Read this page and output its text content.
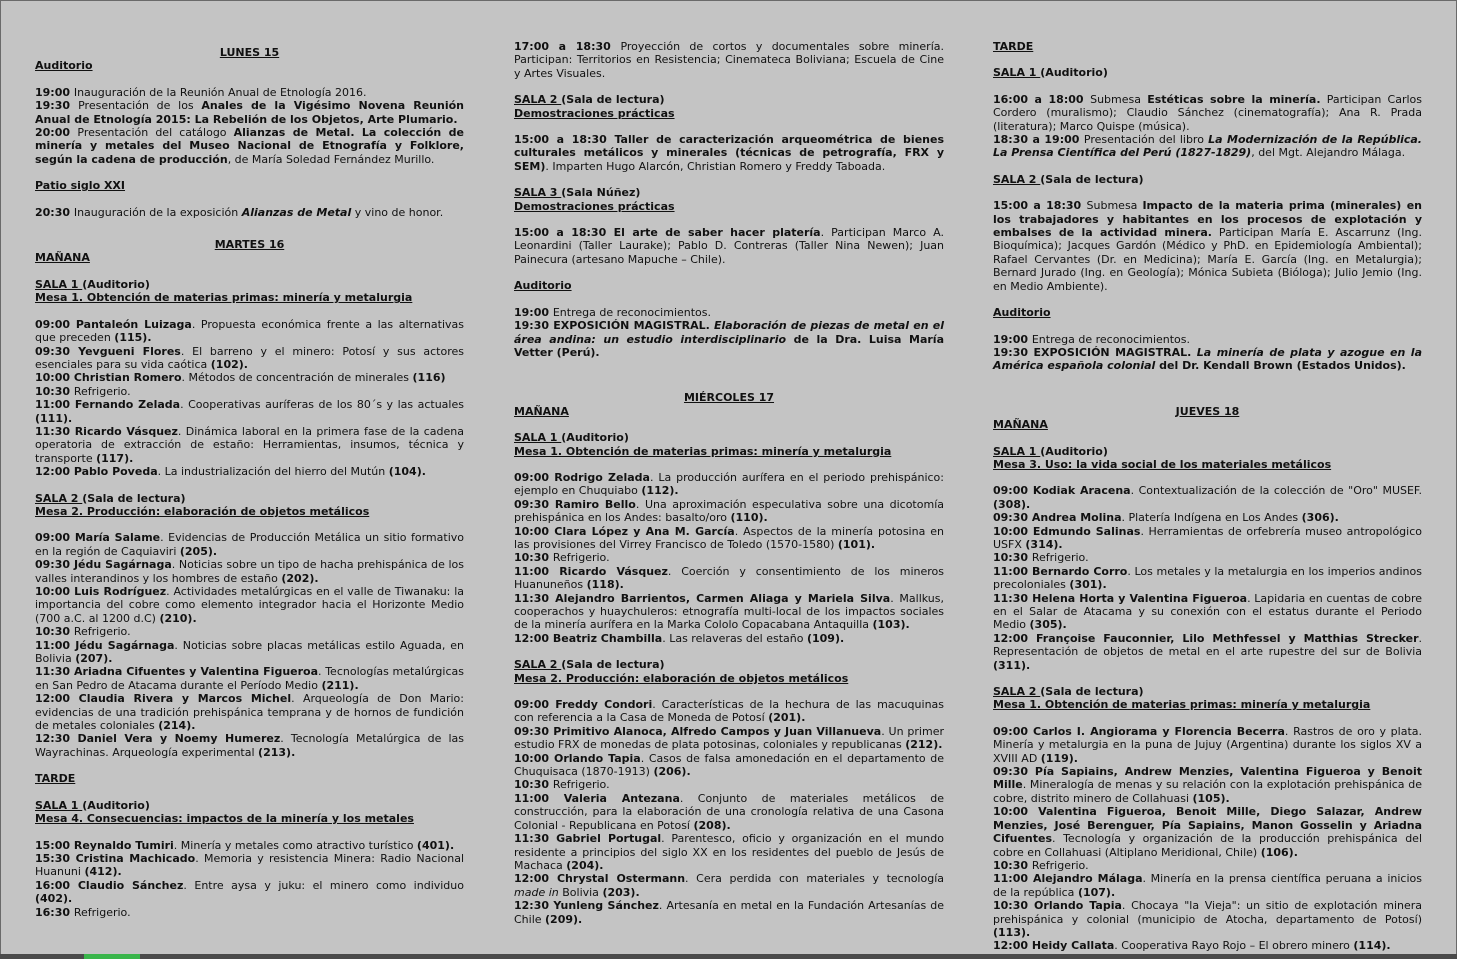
LUNES 15
Auditorio
19:00 Inauguración de la Reunión Anual de Etnología 2016.
19:30 Presentación de los Anales de la Vigésimo Novena Reunión Anual de Etnología 2015: La Rebelión de los Objetos, Arte Plumario.
20:00 Presentación del catálogo Alianzas de Metal. La colección de minería y metales del Museo Nacional de Etnografía y Folklore, según la cadena de producción, de María Soledad Fernández Murillo.
Patio siglo XXI
20:30 Inauguración de la exposición Alianzas de Metal y vino de honor.
MARTES 16
MAÑANA
SALA 1 (Auditorio)
Mesa 1. Obtención de materias primas: minería y metalurgia
09:00 Pantaleón Luizaga. Propuesta económica frente a las alternativas que preceden (115).
09:30 Yevgueni Flores. El barreno y el minero: Potosí y sus actores esenciales para su vida caótica (102).
10:00 Christian Romero. Métodos de concentración de minerales (116)
10:30 Refrigerio.
11:00 Fernando Zelada. Cooperativas auríferas de los 80´s y las actuales (111).
11:30 Ricardo Vásquez. Dinámica laboral en la primera fase de la cadena operatoria de extracción de estaño: Herramientas, insumos, técnica y transporte (117).
12:00 Pablo Poveda. La industrialización del hierro del Mutún (104).
SALA 2 (Sala de lectura)
Mesa 2. Producción: elaboración de objetos metálicos
09:00 María Salame. Evidencias de Producción Metálica un sitio formativo en la región de Caquiaviri (205).
09:30 Jédu Sagárnaga. Noticias sobre un tipo de hacha prehispánica de los valles interandinos y los hombres de estaño (202).
10:00 Luis Rodríguez. Actividades metalúrgicas en el valle de Tiwanaku: la importancia del cobre como elemento integrador hacia el Horizonte Medio (700 a.C. al 1200 d.C) (210).
10:30 Refrigerio.
11:00 Jédu Sagárnaga. Noticias sobre placas metálicas estilo Aguada, en Bolivia (207).
11:30 Ariadna Cifuentes y Valentina Figueroa. Tecnologías metalúrgicas en San Pedro de Atacama durante el Período Medio (211).
12:00 Claudia Rivera y Marcos Michel. Arqueología de Don Mario: evidencias de una tradición prehispánica temprana y de hornos de fundición de metales coloniales (214).
12:30 Daniel Vera y Noemy Humerez. Tecnología Metalúrgica de las Wayrachinas. Arqueología experimental (213).
TARDE
SALA 1 (Auditorio)
Mesa 4. Consecuencias: impactos de la minería y los metales
15:00 Reynaldo Tumiri. Minería y metales como atractivo turístico (401).
15:30 Cristina Machicado. Memoria y resistencia Minera: Radio Nacional Huanuni (412).
16:00 Claudio Sánchez. Entre aysa y juku: el minero como individuo (402).
16:30 Refrigerio.
17:00 a 18:30 Proyección de cortos y documentales sobre minería. Participan: Territorios en Resistencia; Cinemateca Boliviana; Escuela de Cine y Artes Visuales.
SALA 2 (Sala de lectura)
Demostraciones prácticas
15:00 a 18:30 Taller de caracterización arqueométrica de bienes culturales metálicos y minerales (técnicas de petrografía, FRX y SEM). Imparten Hugo Alarcón, Christian Romero y Freddy Taboada.
SALA 3 (Sala Núñez)
Demostraciones prácticas
15:00 a 18:30 El arte de saber hacer platería. Participan Marco A. Leonardini (Taller Laurake); Pablo D. Contreras (Taller Nina Newen); Juan Painecura (artesano Mapuche – Chile).
Auditorio
19:00 Entrega de reconocimientos.
19:30 EXPOSICIÓN MAGISTRAL. Elaboración de piezas de metal en el área andina: un estudio interdisciplinario de la Dra. Luisa María Vetter (Perú).
MIÉRCOLES 17
MAÑANA
SALA 1 (Auditorio)
Mesa 1. Obtención de materias primas: minería y metalurgia
09:00 Rodrigo Zelada. La producción aurífera en el periodo prehispánico: ejemplo en Chuquiabo (112).
09:30 Ramiro Bello. Una aproximación especulativa sobre una dicotomía prehispánica en los Andes: basalto/oro (110).
10:00 Clara López y Ana M. García. Aspectos de la minería potosina en las provisiones del Virrey Francisco de Toledo (1570-1580) (101).
10:30 Refrigerio.
11:00 Ricardo Vásquez. Coerción y consentimiento de los mineros Huanuneños (118).
11:30 Alejandro Barrientos, Carmen Aliaga y Mariela Silva. Mallkus, cooperachos y huaychuleros: etnografía multi-local de los impactos sociales de la minería aurífera en la Marka Cololo Copacabana Antaquilla (103).
12:00 Beatriz Chambilla. Las relaveras del estaño (109).
SALA 2 (Sala de lectura)
Mesa 2. Producción: elaboración de objetos metálicos
09:00 Freddy Condori. Características de la hechura de las macuquinas con referencia a la Casa de Moneda de Potosí (201).
09:30 Primitivo Alanoca, Alfredo Campos y Juan Villanueva. Un primer estudio FRX de monedas de plata potosinas, coloniales y republicanas (212).
10:00 Orlando Tapia. Casos de falsa amonedación en el departamento de Chuquisaca (1870-1913) (206).
10:30 Refrigerio.
11:00 Valeria Antezana. Conjunto de materiales metálicos de construcción, para la elaboración de una cronología relativa de una Casona Colonial - Republicana en Potosí (208).
11:30 Gabriel Portugal. Parentesco, oficio y organización en el mundo residente a principios del siglo XX en los residentes del pueblo de Jesús de Machaca (204).
12:00 Chrystal Ostermann. Cera perdida con materiales y tecnología made in Bolivia (203).
12:30 Yunleng Sánchez. Artesanía en metal en la Fundación Artesanías de Chile (209).
TARDE
SALA 1 (Auditorio)
16:00 a 18:00 Submesa Estéticas sobre la minería. Participan Carlos Cordero (muralismo); Claudio Sánchez (cinematografía); Ana R. Prada (literatura); Marco Quispe (música).
18:30 a 19:00 Presentación del libro La Modernización de la República. La Prensa Científica del Perú (1827-1829), del Mgt. Alejandro Málaga.
SALA 2 (Sala de lectura)
15:00 a 18:30 Submesa Impacto de la materia prima (minerales) en los trabajadores y habitantes en los procesos de explotación y embalses de la actividad minera. Participan María E. Ascarrunz (Ing. Bioquímica); Jacques Gardón (Médico y PhD. en Epidemiología Ambiental); Rafael Cervantes (Dr. en Medicina); María E. García (Ing. en Metalurgia); Bernard Jurado (Ing. en Geología); Mónica Subieta (Bióloga); Julio Jemio (Ing. en Medio Ambiente).
Auditorio
19:00 Entrega de reconocimientos.
19:30 EXPOSICIÓN MAGISTRAL. La minería de plata y azogue en la América española colonial del Dr. Kendall Brown (Estados Unidos).
JUEVES 18
MAÑANA
SALA 1 (Auditorio)
Mesa 3. Uso: la vida social de los materiales metálicos
09:00 Kodiak Aracena. Contextualización de la colección de "Oro" MUSEF. (308).
09:30 Andrea Molina. Platería Indígena en Los Andes (306).
10:00 Edmundo Salinas. Herramientas de orfebrería museo antropológico USFX (314).
10:30 Refrigerio.
11:00 Bernardo Corro. Los metales y la metalurgia en los imperios andinos precoloniales (301).
11:30 Helena Horta y Valentina Figueroa. Lapidaria en cuentas de cobre en el Salar de Atacama y su conexión con el estatus durante el Periodo Medio (305).
12:00 Françoise Fauconnier, Lilo Methfessel y Matthias Strecker. Representación de objetos de metal en el arte rupestre del sur de Bolivia (311).
SALA 2 (Sala de lectura)
Mesa 1. Obtención de materias primas: minería y metalurgia
09:00 Carlos I. Angiorama y Florencia Becerra. Rastros de oro y plata. Minería y metalurgia en la puna de Jujuy (Argentina) durante los siglos XV a XVIII AD (119).
09:30 Pía Sapiains, Andrew Menzies, Valentina Figueroa y Benoit Mille. Mineralogía de menas y su relación con la explotación prehispánica de cobre, distrito minero de Collahuasi (105).
10:00 Valentina Figueroa, Benoit Mille, Diego Salazar, Andrew Menzies, José Berenguer, Pía Sapiains, Manon Gosselin y Ariadna Cifuentes. Tecnología y organización de la producción prehispánica del cobre en Collahuasi (Altiplano Meridional, Chile) (106).
10:30 Refrigerio.
11:00 Alejandro Málaga. Minería en la prensa científica peruana a inicios de la república (107).
10:30 Orlando Tapia. Chocaya "la Vieja": un sitio de explotación minera prehispánica y colonial (municipio de Atocha, departamento de Potosí) (113).
12:00 Heidy Callata. Cooperativa Rayo Rojo – El obrero minero (114).
